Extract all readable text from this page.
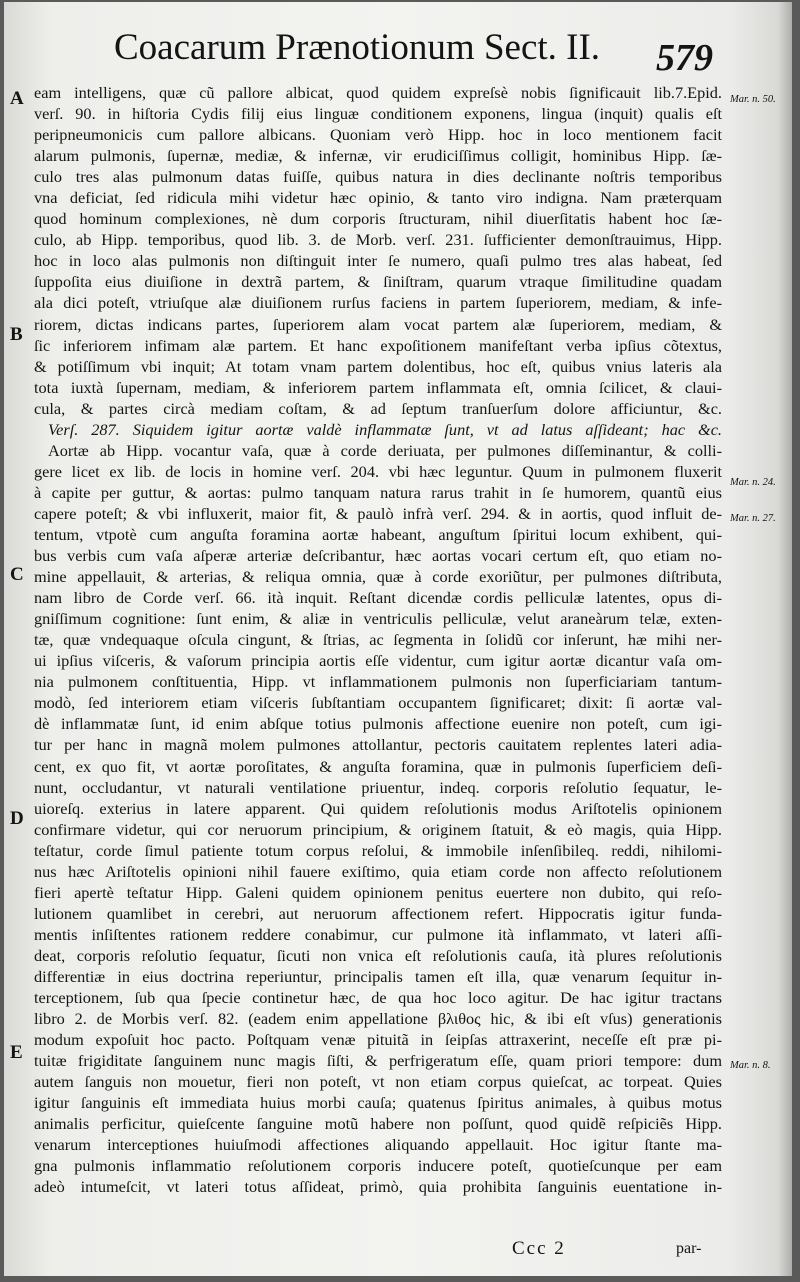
Coacarum Prænotionum Sect. II.	579
eam intelligens, quæ cũ pallore albicat, quod quidem expreſsè nobis ſignificauit lib.7.Epid.
verſ. 90. in hiſtoria Cydis filij eius linguæ conditionem exponens, lingua (inquit) qualis eſt
peripneumonicis cum pallore albicans. Quoniam verò Hipp. hoc in loco mentionem facit
alarum pulmonis, ſupernæ, mediæ, & infernæ, vir erudiciſſimus colligit, hominibus Hipp. ſæ-
culo tres alas pulmonum datas fuiſſe, quibus natura in dies declinante noſtris temporibus
vna deficiat, ſed ridicula mihi videtur hæc opinio, & tanto viro indigna. Nam præterquam
quod hominum complexiones, nè dum corporis ſtructuram, nihil diuerſitatis habent hoc ſæ-
culo, ab Hipp. temporibus, quod lib. 3. de Morb. verſ. 231. ſufficienter demonſtrauimus, Hipp.
hoc in loco alas pulmonis non diſtinguit inter ſe numero, quaſi pulmo tres alas habeat, ſed
ſuppoſita eius diuiſione in dextrã partem, & ſiniſtram, quarum vtraque ſimilitudine quadam
ala dici poteſt, vtriuſque alæ diuiſionem rurſus faciens in partem ſuperiorem, mediam, & infe-
riorem, dictas indicans partes, ſuperiorem alam vocat partem alæ ſuperiorem, mediam, &
ſic inferiorem infimam alæ partem. Et hanc expoſitionem manifeſtant verba ipſius cõtextus,
& potiſſimum vbi inquit; At totam vnam partem dolentibus, hoc eſt, quibus vnius lateris ala
tota iuxtà ſupernam, mediam, & inferiorem partem inflammata eſt, omnia ſcilicet, & claui-
cula, & partes circà mediam coſtam, & ad ſeptum tranſuerſum dolore afficiuntur, &c.
Verſ. 287. Siquidem igitur aortæ valdè inflammatæ ſunt, vt ad latus aſſideant; hac &c.
Aortæ ab Hipp. vocantur vaſa, quæ à corde deriuata, per pulmones diſſeminantur, & colli-
gere licet ex lib. de locis in homine verſ. 204. vbi hæc leguntur. Quum in pulmonem fluxerit
à capite per guttur, & aortas: pulmo tanquam natura rarus trahit in ſe humorem, quantũ eius
capere poteſt; & vbi influxerit, maior fit, & paulò infrà verſ. 294. & in aortis, quod influit de-
tentum, vtpotè cum anguſta foramina aortæ habeant, anguſtum ſpiritui locum exhibent, qui-
bus verbis cum vaſa aſperæ arteriæ deſcribantur, hæc aortas vocari certum eſt, quo etiam no-
mine appellauit, & arterias, & reliqua omnia, quæ à corde exoriũtur, per pulmones diſtributa,
nam libro de Corde verſ. 66. ità inquit. Reſtant dicendæ cordis pelliculæ latentes, opus di-
gniſſimum cognitione: ſunt enim, & aliæ in ventriculis pelliculæ, velut araneàrum telæ, exten-
tæ, quæ vndequaque oſcula cingunt, & ſtrias, ac ſegmenta in ſolidũ cor inſerunt, hæ mihi ner-
ui ipſius viſceris, & vaſorum principia aortis eſſe videntur, cum igitur aortæ dicantur vaſa om-
nia pulmonem conſtituentia, Hipp. vt inflammationem pulmonis non ſuperficiariam tantum-
modò, ſed interiorem etiam viſceris ſubſtantiam occupantem ſignificaret; dixit: ſi aortæ val-
dè inflammatæ ſunt, id enim abſque totius pulmonis affectione euenire non poteſt, cum igi-
tur per hanc in magnã molem pulmones attollantur, pectoris cauitatem replentes lateri adia-
cent, ex quo fit, vt aortæ poroſitates, & anguſta foramina, quæ in pulmonis ſuperficiem deſi-
nunt, occludantur, vt naturali ventilatione priuentur, indeq. corporis reſolutio ſequatur, le-
uioreſq. exterius in latere apparent. Qui quidem reſolutionis modus Ariſtotelis opinionem
confirmare videtur, qui cor neruorum principium, & originem ſtatuit, & eò magis, quia Hipp.
teſtatur, corde ſimul patiente totum corpus reſolui, & immobile inſenſibileq. reddi, nihilomi-
nus hæc Ariſtotelis opinioni nihil fauere exiſtimo, quia etiam corde non affecto reſolutionem
fieri apertè teſtatur Hipp. Galeni quidem opinionem penitus euertere non dubito, qui reſo-
lutionem quamlibet in cerebri, aut neruorum affectionem refert. Hippocratis igitur funda-
mentis inſiſtentes rationem reddere conabimur, cur pulmone ità inflammato, vt lateri aſſi-
deat, corporis reſolutio ſequatur, ſicuti non vnica eſt reſolutionis cauſa, ità plures reſolutionis
differentiæ in eius doctrina reperiuntur, principalis tamen eſt illa, quæ venarum ſequitur in-
terceptionem, ſub qua ſpecie continetur hæc, de qua hoc loco agitur. De hac igitur tractans
libro 2. de Morbis verſ. 82. (eadem enim appellatione βλιθος hic, & ibi eſt vſus) generationis
modum expoſuit hoc pacto. Poſtquam venæ pituitã in ſeipſas attraxerint, neceſſe eſt præ pi-
tuitæ frigiditate ſanguinem nunc magis ſiſti, & perfrigeratum eſſe, quam priori tempore: dum
autem ſanguis non mouetur, fieri non poteſt, vt non etiam corpus quieſcat, ac torpeat. Quies
igitur ſanguinis eſt immediata huius morbi cauſa; quatenus ſpiritus animales, à quibus motus
animalis perficitur, quieſcente ſanguine motũ habere non poſſunt, quod quidẽ reſpiciẽs Hipp.
venarum interceptiones huiuſmodi affectiones aliquando appellauit. Hoc igitur ſtante ma-
gna pulmonis inflammatio reſolutionem corporis inducere poteſt, quotieſcunque per eam
adeò intumeſcit, vt lateri totus aſſideat, primò, quia prohibita ſanguinis euentatione in-
Mar. n. 50.
Mar. n. 24.
Mar. n. 27.
Mar. n. 8.
A
B
C
D
E
Ccc 2	par-
